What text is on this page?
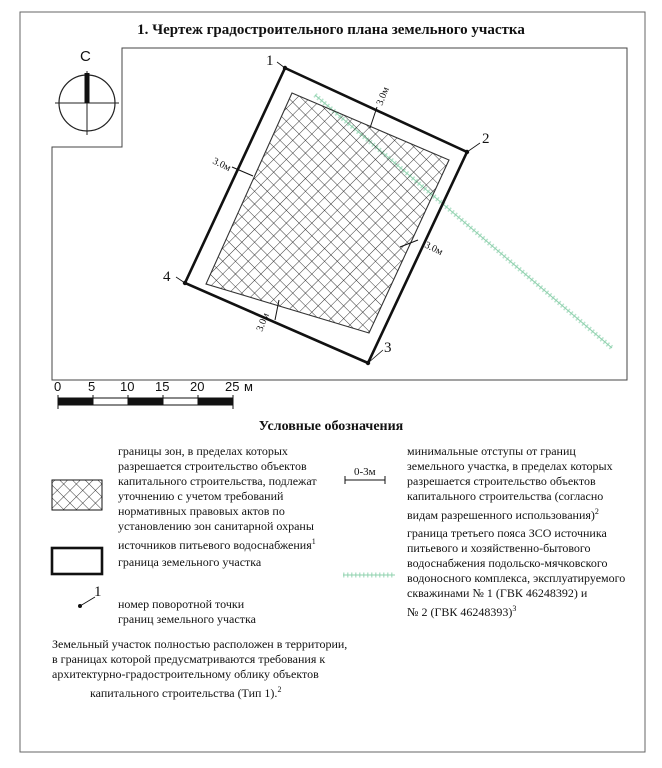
3.0м
3.0м
3.0м
3.0м
1
2
3
4
1. Чертеж градостроительного плана земельного участка
С
0 5 10 15 20 25 м
Условные обозначения
границы зон, в пределах которых
разрешается строительство объектов
капитального строительства, подлежат
уточнению с учетом требований
нормативных правовых актов по
установлению зон санитарной охраны
источников питьевого водоснабжения$^1$
граница земельного участка
1
номер поворотной точки
границ земельного участка
0-3м
минимальные отступы от границ
земельного участка, в пределах которых
разрешается строительство объектов
капитального строительства (согласно
видам разрешенного использования)$^2$
граница третьего пояса ЗСО источника
питьевого и хозяйственно-бытового
водоснабжения подольско-мячковского
водоносного комплекса, эксплуатируемого
скважинами № 1 (ГВК 46248392) и
№ 2 (ГВК 46248393)$^3$
Земельный участок полностью расположен в территории,
в границах которой предусматриваются требования к
архитектурно-градостроительному облику объектов
капитального строительства (Тип 1).$^2$
